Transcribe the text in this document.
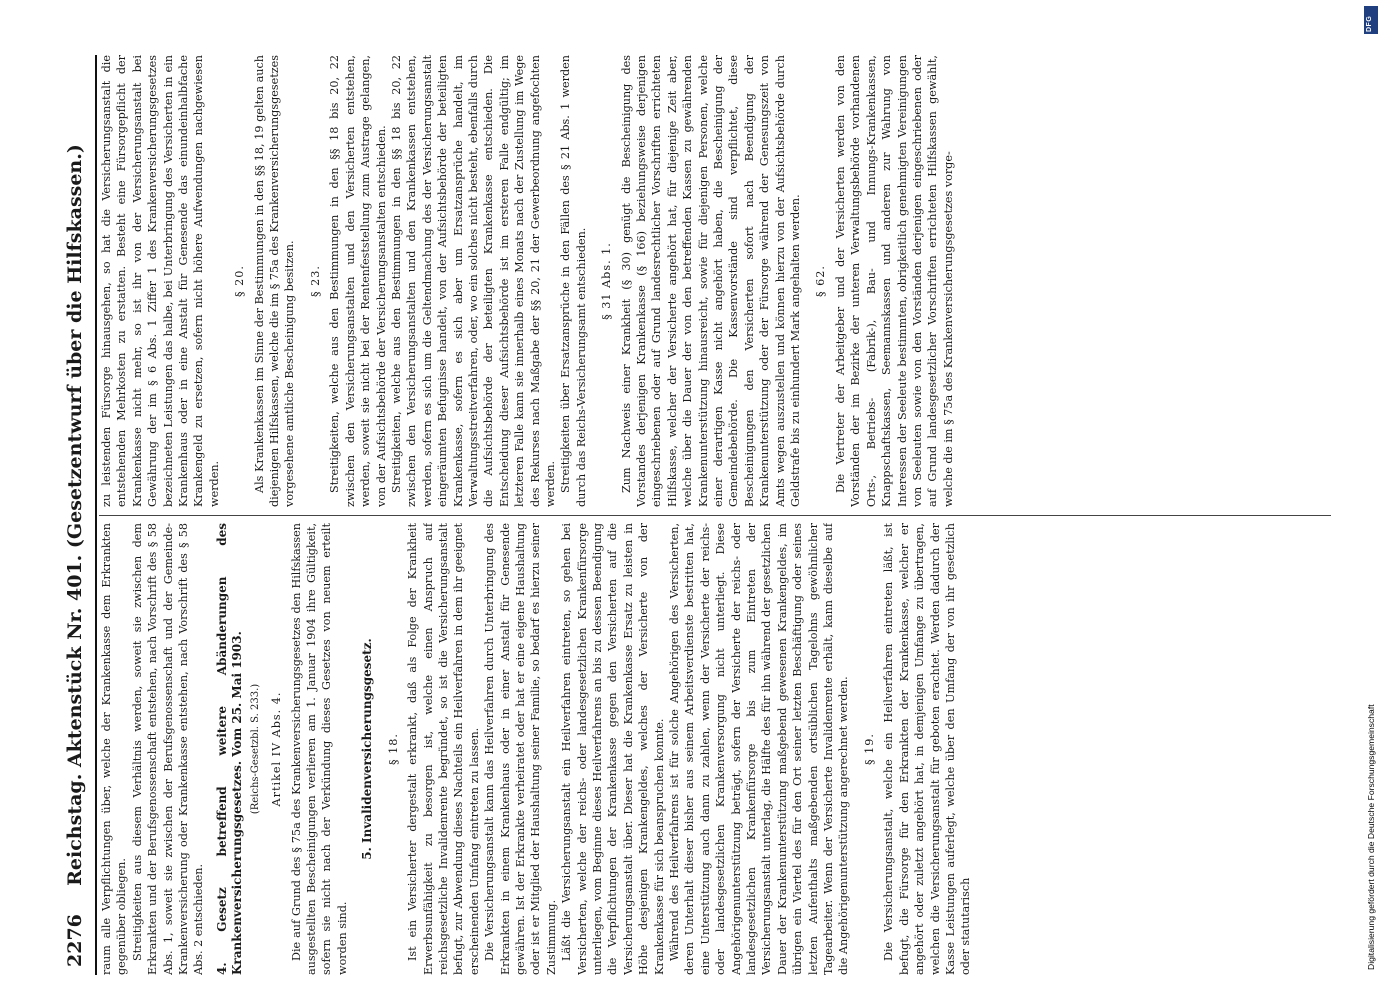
2276
Reichstag. Aktenstück Nr. 401. (Gesetzentwurf über die Hilfskassen.)	raum alle Verpflichtungen über, welche der Krankenkasse dem Erkrankten gegenüber obliegen. Streitigkeiten aus diesem Verhältnis werden, soweit sie zwischen dem Erkrankten und der Berufsgenossenschaft entstehen, nach Vorschrift des § 58 Abs. 1, soweit sie zwischen der Berufsgenossenschaft und der Gemeinde-Krankenversicherung oder Krankenkasse entstehen, nach Vorschrift des § 58 Abs. 2 entschieden. 4. Gesetz betreffend weitere Abänderungen des Krankenversicherungsgesetzes. Vom 25. Mai 1903. (Reichs-Gesetzbl. S. 233.) Artikel IV Abs. 4. Die auf Grund des § 75a des Krankenversicherungsgesetzes den Hilfskassen ausgestellten Bescheinigungen verlieren am 1. Januar 1904 ihre Gültigkeit, sofern sie nicht nach der Verkündung dieses Gesetzes von neuem erteilt worden sind.

5. Invalidenversicherungsgesetz. § 18. Ist ein Versicherter dergestalt erkrankt, daß als Folge der Krankheit Erwerbsunfähigkeit zu besorgen ist, welche einen Anspruch auf reichsgesetzliche Invalidenrente begründet, so ist die Versicherungsanstalt befugt, zur Abwendung dieses Nachteils ein Heilverfahren in dem ihr geeignet erscheinenden Umfang eintreten zu lassen. Die Versicherungsanstalt kann das Heilverfahren durch Unterbringung des Erkrankten in einem Krankenhaus oder in einer Anstalt für Genesende gewähren. Ist der Erkrankte verheiratet oder hat er eine eigene Haushaltung oder ist er Mitglied der Haushaltung seiner Familie, so bedarf es hierzu seiner Zustimmung. Läßt die Versicherungsanstalt ein Heilverfahren eintreten, so gehen bei Versicherten, welche der reichs- oder landesgesetzlichen Krankenfürsorge unterliegen, vom Beginne dieses Heilverfahrens an bis zu dessen Beendigung die Verpflichtungen der Krankenkasse gegen den Versicherten auf die Versicherungsanstalt über. Dieser hat die Krankenkasse Ersatz zu leisten in Höhe desjenigen Krankengeldes, welches der Versicherte von der Krankenkasse für sich beanspruchen konnte. Während des Heilverfahrens ist für solche Angehörigen des Versicherten, deren Unterhalt dieser bisher aus seinem Arbeitsverdienste bestritten hat, eine Unterstützung auch dann zu zahlen, wenn der Versicherte der reichs- oder landesgesetzlichen Krankenversorgung nicht unterliegt. Diese Angehörigenunterstützung beträgt, sofern der Versicherte der reichs- oder landesgesetzlichen Krankenfürsorge bis zum Eintreten der Versicherungsanstalt unterlag, die Hälfte des für ihn während der gesetzlichen Dauer der Krankenunterstützung maßgebend gewesenen Krankengeldes, im übrigen ein Viertel des für den Ort seiner letzten Beschäftigung oder seines letzten Aufenthalts maßgebenden ortsüblichen Tagelohns gewöhnlicher Tagearbeiter. Wenn der Versicherte Invalidenrente erhält, kann dieselbe auf die Angehörigenunterstützung angerechnet werden. § 19. Die Versicherungsanstalt, welche ein Heilverfahren eintreten läßt, ist befugt, die Fürsorge für den Erkrankten der Krankenkasse, welcher er angehört oder zuletzt angehört hat, in demjenigen Umfange zu übertragen, welchen die Versicherungsanstalt für geboten erachtet. Werden dadurch der Kasse Leistungen auferlegt, welche über den Umfang der von ihr gesetzlich oder statutarisch

zu leistenden Fürsorge hinausgehen, so hat die Versicherungsanstalt die entstehenden Mehrkosten zu erstatten. Besteht eine Fürsorgepflicht der Krankenkasse nicht mehr, so ist ihr von der Versicherungsanstalt bei Gewährung der im § 6 Abs. 1 Ziffer 1 des Krankenversicherungsgesetzes bezeichneten Leistungen das halbe, bei Unterbringung des Versicherten in ein Krankenhaus oder in eine Anstalt für Genesende das einundeinhalbfache Krankengeld zu ersetzen, sofern nicht höhere Aufwendungen nachgewiesen werden.

§ 20. Als Krankenkassen im Sinne der Bestimmungen in den §§ 18, 19 gelten auch diejenigen Hilfskassen, welche die im § 75a des Krankenversicherungsgesetzes vorgesehene amtliche Bescheinigung besitzen. § 23. Streitigkeiten, welche aus den Bestimmungen in den §§ 18 bis 20, 22 zwischen den Versicherungsanstalten und den Versicherten entstehen, werden, soweit sie nicht bei der Rentenfeststellung zum Austrage gelangen, von der Aufsichtsbehörde der Versicherungsanstalten entschieden. Streitigkeiten, welche aus den Bestimmungen in den §§ 18 bis 20, 22 zwischen den Versicherungsanstalten und den Krankenkassen entstehen, werden, sofern es sich um die Geltendmachung des der Versicherungsanstalt eingeräumten Befugnisse handelt, von der Aufsichtsbehörde der beteiligten Krankenkasse, sofern es sich aber um Ersatzansprüche handelt, im Verwaltungsstreitverfahren, oder, wo ein solches nicht besteht, ebenfalls durch die Aufsichtsbehörde der beteiligten Krankenkasse entschieden. Die Entscheidung dieser Aufsichtsbehörde ist im ersteren Falle endgültig; im letzteren Falle kann sie innerhalb eines Monats nach der Zustellung im Wege des Rekurses nach Maßgabe der §§ 20, 21 der Gewerbeordnung angefochten werden. Streitigkeiten über Ersatzansprüche in den Fällen des § 21 Abs. 1 werden durch das Reichs-Versicherungsamt entschieden. § 31 Abs. 1. Zum Nachweis einer Krankheit (§ 30) genügt die Bescheinigung des Vorstandes derjenigen Krankenkasse (§ 166) beziehungsweise derjenigen eingeschriebenen oder auf Grund landesrechtlicher Vorschriften errichteten Hilfskasse, welcher der Versicherte angehört hat, für diejenige Zeit aber, welche über die Dauer der von den betreffenden Kassen zu gewährenden Krankenunterstützung hinausreicht, sowie für diejenigen Personen, welche einer derartigen Kasse nicht angehört haben, die Bescheinigung der Gemeindebehörde. Die Kassenvorstände sind verpflichtet, diese Bescheinigungen den Versicherten sofort nach Beendigung der Krankenunterstützung oder der Fürsorge während der Genesungszeit von Amts wegen auszustellen und können hierzu von der Aufsichtsbehörde durch Geldstrafe bis zu einhundert Mark angehalten werden. § 62. Die Vertreter der Arbeitgeber und der Versicherten werden von den Vorständen der im Bezirke der unteren Verwaltungsbehörde vorhandenen Orts-, Betriebs- (Fabrik-), Bau- und Innungs-Krankenkassen, Knappschaftskassen, Seemannskassen und anderen zur Wahrung von Interessen der Seeleute bestimmten, obrigkeitlich genehmigten Vereinigungen von Seeleuten sowie von den Vorständen derjenigen eingeschriebenen oder auf Grund landesgesetzlicher Vorschriften errichteten Hilfskassen gewählt, welche die im § 75a des Krankenversicherungsgesetzes vorge-

DFG
Digitalisierung gefördert durch die Deutsche Forschungsgemeinschaft
